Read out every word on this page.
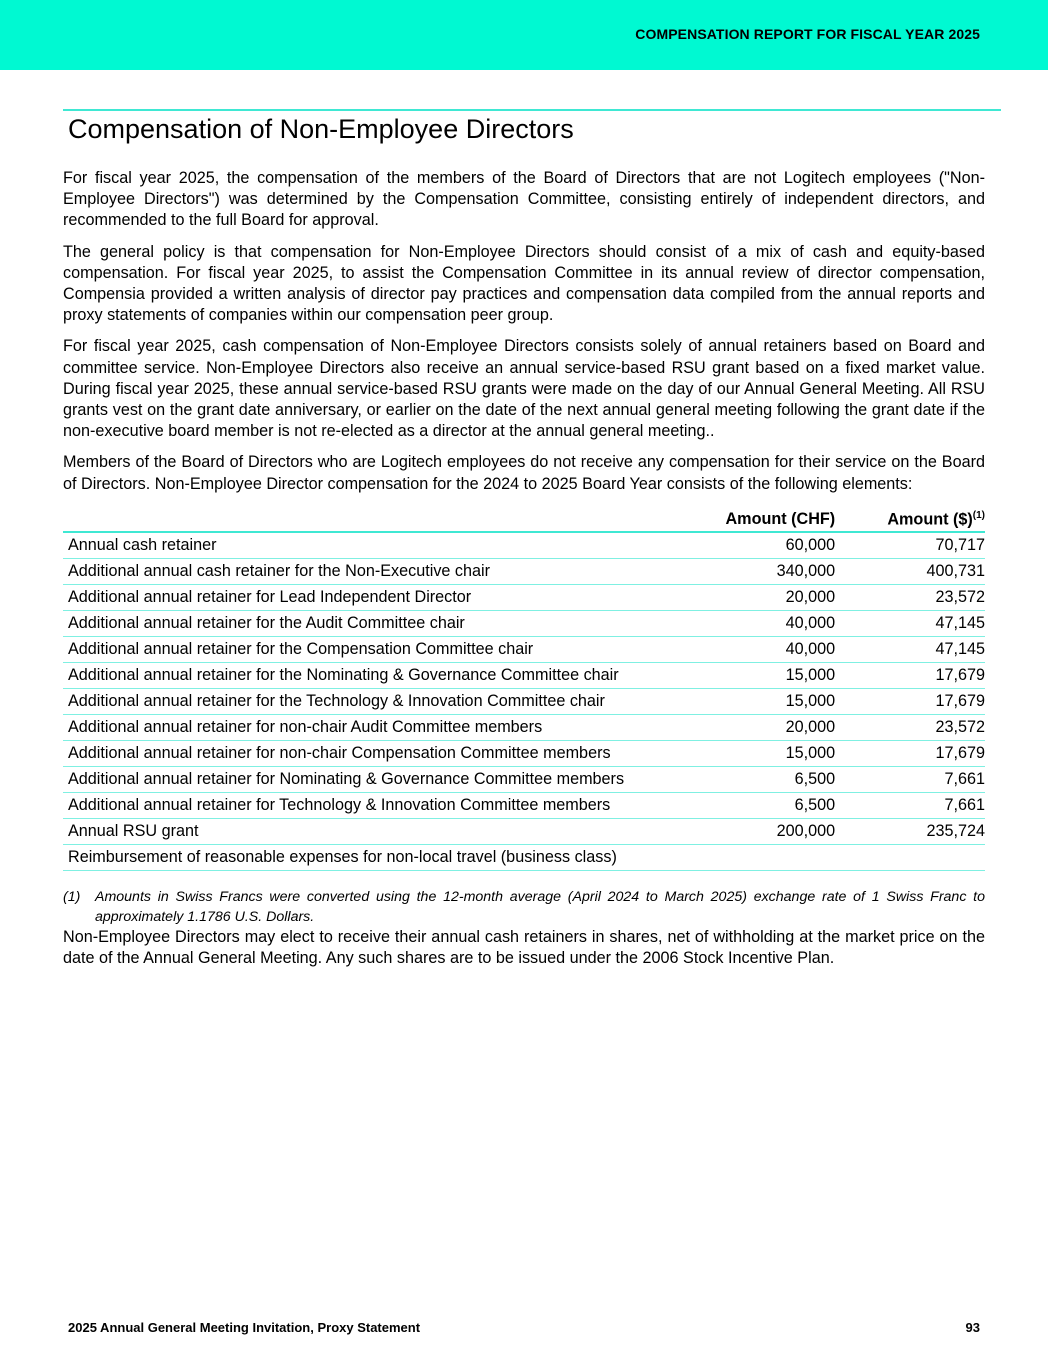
COMPENSATION REPORT FOR FISCAL YEAR 2025
Compensation of Non-Employee Directors

For fiscal year 2025, the compensation of the members of the Board of Directors that are not Logitech employees ("Non-Employee Directors") was determined by the Compensation Committee, consisting entirely of independent directors, and recommended to the full Board for approval.

The general policy is that compensation for Non-Employee Directors should consist of a mix of cash and equity-based compensation. For fiscal year 2025, to assist the Compensation Committee in its annual review of director compensation, Compensia provided a written analysis of director pay practices and compensation data compiled from the annual reports and proxy statements of companies within our compensation peer group.

For fiscal year 2025, cash compensation of Non-Employee Directors consists solely of annual retainers based on Board and committee service. Non-Employee Directors also receive an annual service-based RSU grant based on a fixed market value. During fiscal year 2025, these annual service-based RSU grants were made on the day of our Annual General Meeting. All RSU grants vest on the grant date anniversary, or earlier on the date of the next annual general meeting following the grant date if the non-executive board member is not re-elected as a director at the annual general meeting..

Members of the Board of Directors who are Logitech employees do not receive any compensation for their service on the Board of Directors. Non-Employee Director compensation for the 2024 to 2025 Board Year consists of the following elements:

	Amount (CHF)	Amount ($)$^{(1)}$
Annual cash retainer	60,000	70,717
Additional annual cash retainer for the Non-Executive chair	340,000	400,731
Additional annual retainer for Lead Independent Director	20,000	23,572
Additional annual retainer for the Audit Committee chair	40,000	47,145
Additional annual retainer for the Compensation Committee chair	40,000	47,145
Additional annual retainer for the Nominating & Governance Committee chair	15,000	17,679
Additional annual retainer for the Technology & Innovation Committee chair	15,000	17,679
Additional annual retainer for non-chair Audit Committee members	20,000	23,572
Additional annual retainer for non-chair Compensation Committee members	15,000	17,679
Additional annual retainer for Nominating & Governance Committee members	6,500	7,661
Additional annual retainer for Technology & Innovation Committee members	6,500	7,661
Annual RSU grant	200,000	235,724
Reimbursement of reasonable expenses for non-local travel (business class)		
(1)	Amounts in Swiss Francs were converted using the 12-month average (April 2024 to March 2025) exchange rate of 1 Swiss Franc to approximately 1.1786 U.S. Dollars.

Non-Employee Directors may elect to receive their annual cash retainers in shares, net of withholding at the market price on the date of the Annual General Meeting. Any such shares are to be issued under the 2006 Stock Incentive Plan.

2025 Annual General Meeting Invitation, Proxy Statement	93
